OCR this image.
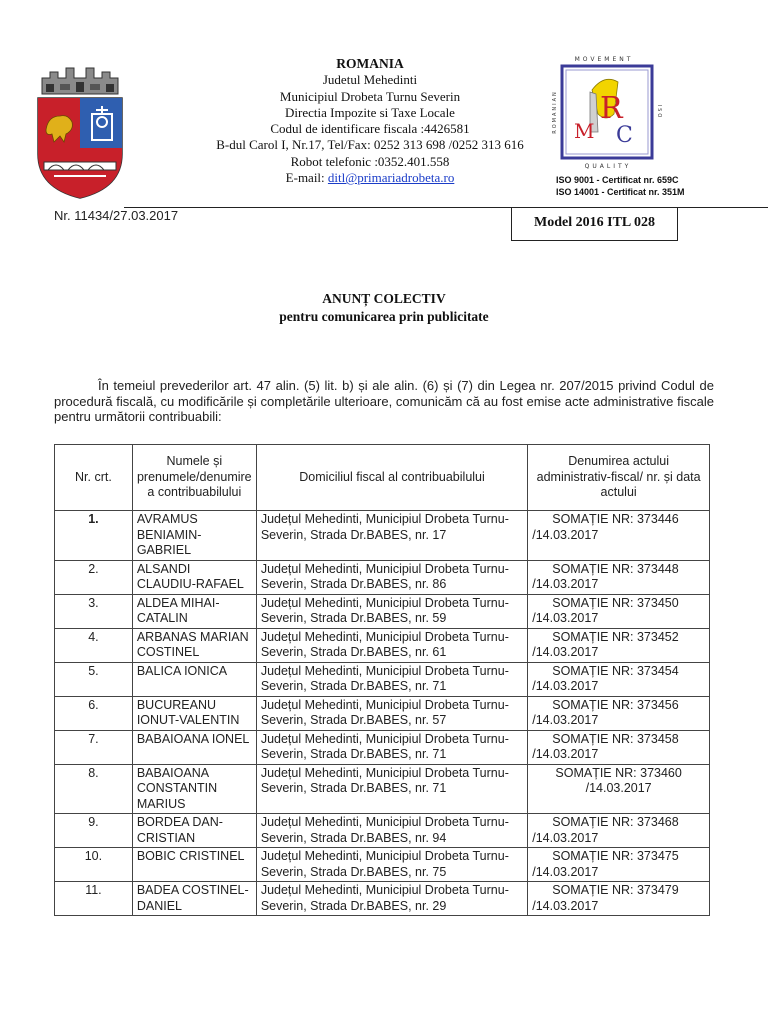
ROMANIA
Judetul Mehedinti
Municipiul Drobeta Turnu Severin
Directia Impozite si Taxe Locale
Codul de identificare fiscala :4426581
B-dul Carol I, Nr.17, Tel/Fax: 0252 313 698 /0252 313 616
Robot telefonic :0352.401.558
E-mail: ditl@primariadrobeta.ro
MOVEMENT
M
R
C
QUALITY
ROMANIAN	ISO
ISO 9001 - Certificat nr. 659C
ISO 14001 - Certificat nr. 351M
Nr. 11434/27.03.2017	Model 2016 ITL 028
ANUNȚ COLECTIV
pentru comunicarea prin publicitate
În temeiul prevederilor art. 47 alin. (5) lit. b) și ale alin. (6) și (7) din Legea nr. 207/2015 privind Codul de procedură fiscală, cu modificările și completările ulterioare, comunicăm că au fost emise acte administrative fiscale pentru următorii contribuabili:
Nr. crt.	Numele și prenumele/denumire a contribuabilului	Domiciliul fiscal al contribuabilului	Denumirea actului administrativ-fiscal/ nr. și data actului
1.	AVRAMUS BENIAMIN-GABRIEL	Județul Mehedinti, Municipiul Drobeta Turnu-Severin, Strada Dr.BABES, nr. 17	SOMAȚIE NR: 373446
/14.03.2017

2.	ALSANDI CLAUDIU-RAFAEL	Județul Mehedinti, Municipiul Drobeta Turnu-Severin, Strada Dr.BABES, nr. 86	SOMAȚIE NR: 373448
/14.03.2017

3.	ALDEA MIHAI-CATALIN	Județul Mehedinti, Municipiul Drobeta Turnu-Severin, Strada Dr.BABES, nr. 59	SOMAȚIE NR: 373450
/14.03.2017

4.	ARBANAS MARIAN COSTINEL	Județul Mehedinti, Municipiul Drobeta Turnu-Severin, Strada Dr.BABES, nr. 61	SOMAȚIE NR: 373452
/14.03.2017

5.	BALICA IONICA	Județul Mehedinti, Municipiul Drobeta Turnu-Severin, Strada Dr.BABES, nr. 71	SOMAȚIE NR: 373454
/14.03.2017

6.	BUCUREANU IONUT-VALENTIN	Județul Mehedinti, Municipiul Drobeta Turnu-Severin, Strada Dr.BABES, nr. 57	SOMAȚIE NR: 373456
/14.03.2017

7.	BABAIOANA IONEL	Județul Mehedinti, Municipiul Drobeta Turnu-Severin, Strada Dr.BABES, nr. 71	SOMAȚIE NR: 373458
/14.03.2017

8.	BABAIOANA CONSTANTIN MARIUS	Județul Mehedinti, Municipiul Drobeta Turnu-Severin, Strada Dr.BABES, nr. 71	SOMAȚIE NR: 373460
/14.03.2017

9.	BORDEA DAN-CRISTIAN	Județul Mehedinti, Municipiul Drobeta Turnu-Severin, Strada Dr.BABES, nr. 94	SOMAȚIE NR: 373468
/14.03.2017

10.	BOBIC CRISTINEL	Județul Mehedinti, Municipiul Drobeta Turnu-Severin, Strada Dr.BABES, nr. 75	SOMAȚIE NR: 373475
/14.03.2017

11.	BADEA COSTINEL-DANIEL	Județul Mehedinti, Municipiul Drobeta Turnu-Severin, Strada Dr.BABES, nr. 29	SOMAȚIE NR: 373479
/14.03.2017
